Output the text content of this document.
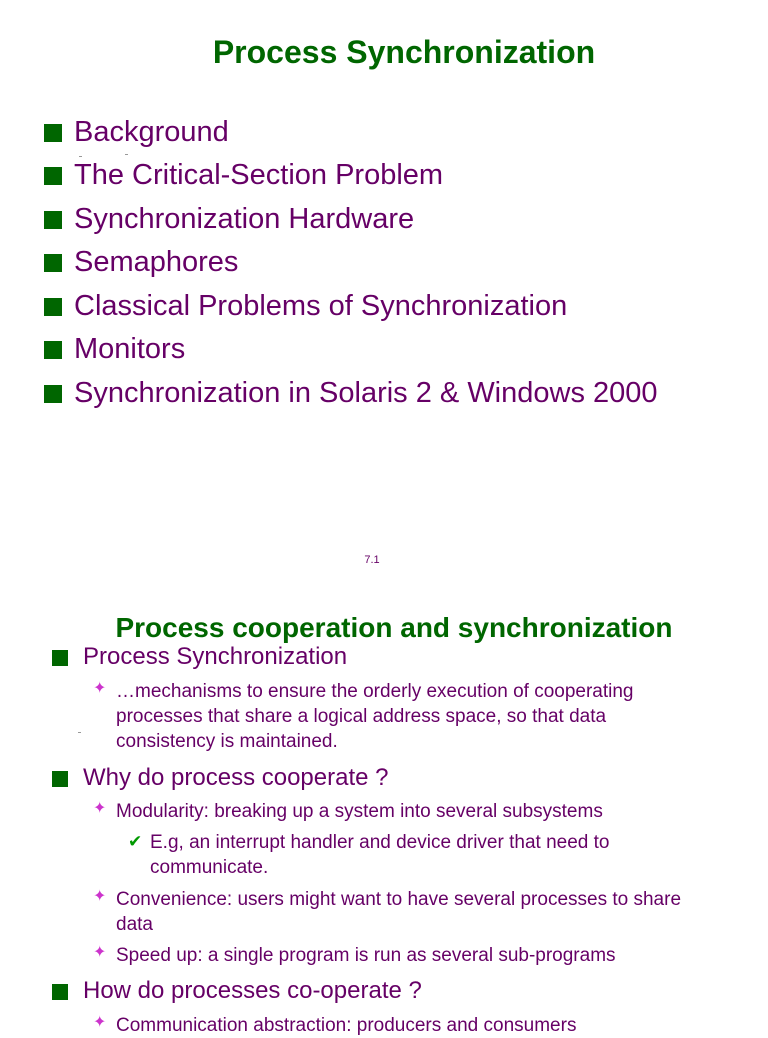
Process Synchronization

Background

The Critical-Section Problem

Synchronization Hardware

Semaphores

Classical Problems of Synchronization

Monitors

Synchronization in Solaris 2 & Windows 2000

7.1
Process cooperation and synchronization

Process Synchronization

✦ …mechanisms to ensure the orderly execution of cooperating processes that share a logical address space, so that data consistency is maintained.

Why do process cooperate ?

✦ Modularity: breaking up a system into several subsystems

✔ E.g, an interrupt handler and device driver that need to communicate.

✦ Convenience: users might want to have several processes to share data

✦ Speed up: a single program is run as several sub-programs

How do processes co-operate ?

✦ Communication abstraction: producers and consumers
